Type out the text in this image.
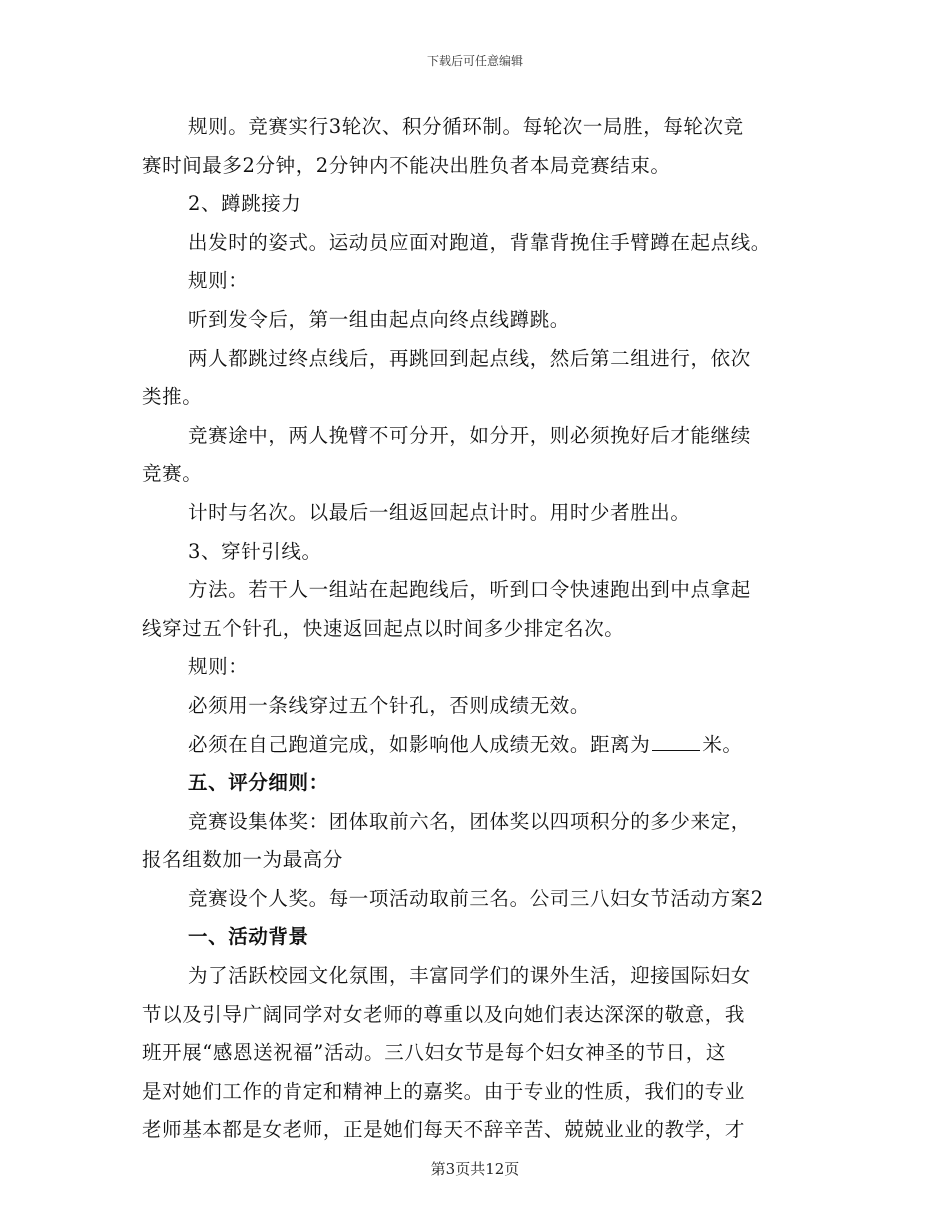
下载后可任意编辑
规则。竞赛实行3轮次、积分循环制。每轮次一局胜，每轮次竞
赛时间最多2分钟，2分钟内不能决出胜负者本局竞赛结束。
2、蹲跳接力
出发时的姿式。运动员应面对跑道，背靠背挽住手臂蹲在起点线。
规则：
听到发令后，第一组由起点向终点线蹲跳。
两人都跳过终点线后，再跳回到起点线，然后第二组进行，依次
类推。
竞赛途中，两人挽臂不可分开，如分开，则必须挽好后才能继续
竞赛。
计时与名次。以最后一组返回起点计时。用时少者胜出。
3、穿针引线。
方法。若干人一组站在起跑线后，听到口令快速跑出到中点拿起
线穿过五个针孔，快速返回起点以时间多少排定名次。
规则：
必须用一条线穿过五个针孔，否则成绩无效。
必须在自己跑道完成，如影响他人成绩无效。距离为	米。
五、评分细则：
竞赛设集体奖：团体取前六名，团体奖以四项积分的多少来定，
报名组数加一为最高分
竞赛设个人奖。每一项活动取前三名。公司三八妇女节活动方案2
一、活动背景
为了活跃校园文化氛围，丰富同学们的课外生活，迎接国际妇女
节以及引导广阔同学对女老师的尊重以及向她们表达深深的敬意，我
班开展“感恩送祝福”活动。三八妇女节是每个妇女神圣的节日，这
是对她们工作的肯定和精神上的嘉奖。由于专业的性质，我们的专业
老师基本都是女老师，正是她们每天不辞辛苦、兢兢业业的教学，才
第3页共12页
